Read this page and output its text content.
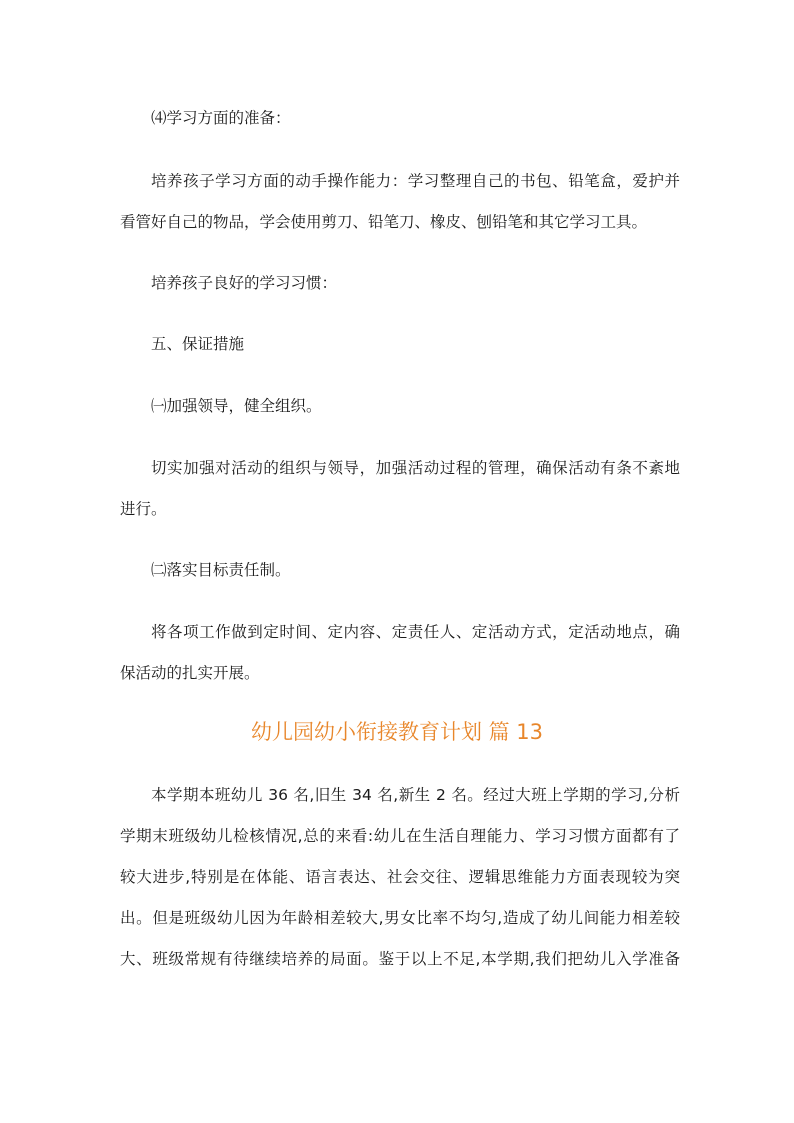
⑷学习方面的准备：
培养孩子学习方面的动手操作能力：学习整理自己的书包、铅笔盒，爱护并
看管好自己的物品，学会使用剪刀、铅笔刀、橡皮、刨铅笔和其它学习工具。
培养孩子良好的学习习惯：
五、保证措施
㈠加强领导，健全组织。
切实加强对活动的组织与领导，加强活动过程的管理，确保活动有条不紊地
进行。
㈡落实目标责任制。
将各项工作做到定时间、定内容、定责任人、定活动方式，定活动地点，确
保活动的扎实开展。
幼儿园幼小衔接教育计划 篇 13
本学期本班幼儿 36 名,旧生 34 名,新生 2 名。经过大班上学期的学习,分析
学期末班级幼儿检核情况,总的来看:幼儿在生活自理能力、学习习惯方面都有了
较大进步,特别是在体能、语言表达、社会交往、逻辑思维能力方面表现较为突
出。但是班级幼儿因为年龄相差较大,男女比率不均匀,造成了幼儿间能力相差较
大、班级常规有待继续培养的局面。鉴于以上不足,本学期,我们把幼儿入学准备
